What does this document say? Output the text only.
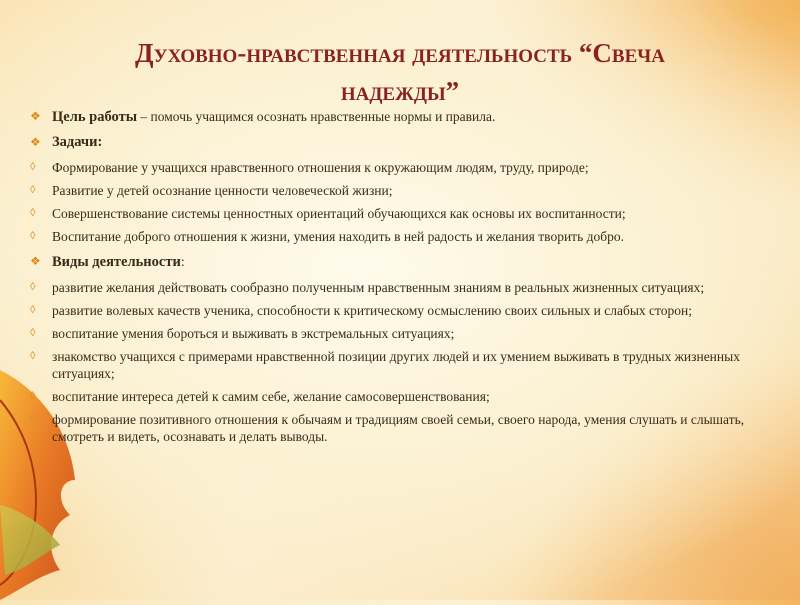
Духовно-нравственная деятельность “Свеча
надежды”
❖ Цель работы – помочь учащимся осознать нравственные нормы и правила.
❖ Задачи:
◊	Формирование у учащихся нравственного отношения к окружающим людям, труду, природе;
◊	Развитие у детей осознание ценности человеческой жизни;
◊	Совершенствование системы ценностных ориентаций обучающихся как основы их воспитанности;
◊	Воспитание доброго отношения к жизни, умения находить в ней радость и желания творить добро.
❖ Виды деятельности:
◊	развитие желания действовать сообразно полученным нравственным знаниям в реальных жизненных ситуациях;
◊	развитие волевых качеств ученика, способности к критическому осмыслению своих сильных и слабых сторон;
◊	воспитание умения бороться и выживать в экстремальных ситуациях;
◊	знакомство учащихся с примерами нравственной позиции других людей и их умением выживать в трудных жизненных ситуациях;
◊	воспитание интереса детей к самим себе, желание самосовершенствования;
◊	формирование позитивного отношения к обычаям и традициям своей семьи, своего народа, умения слушать и слышать, смотреть и видеть, осознавать и делать выводы.
